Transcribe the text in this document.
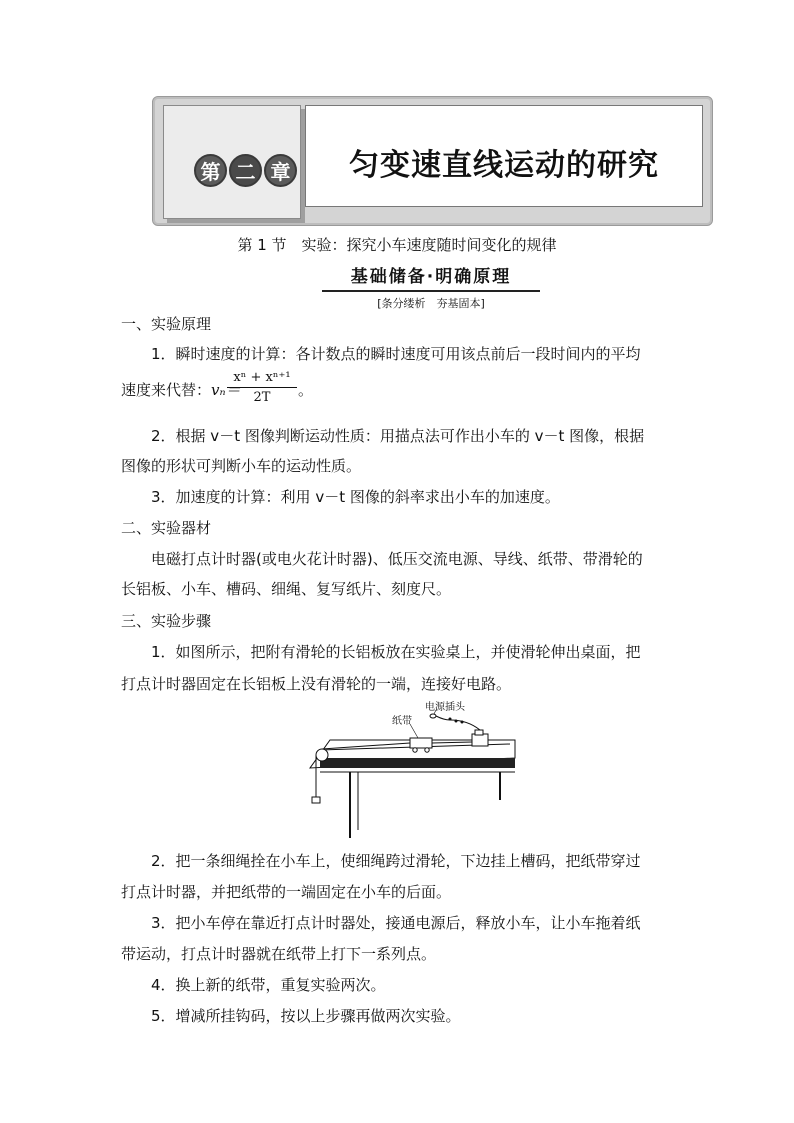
第 二 章	匀变速直线运动的研究
第 1 节　实验：探究小车速度随时间变化的规律
基础储备·明确原理
[条分缕析　夯基固本]
一、实验原理
1．瞬时速度的计算：各计数点的瞬时速度可用该点前后一段时间内的平均
速度来代替：vₙ＝
$\frac{\text{xⁿ + xⁿ⁺¹}}{2T}$ 。
2．根据 v－t 图像判断运动性质：用描点法可作出小车的 v－t 图像，根据
图像的形状可判断小车的运动性质。
3．加速度的计算：利用 v－t 图像的斜率求出小车的加速度。
二、实验器材
电磁打点计时器(或电火花计时器)、低压交流电源、导线、纸带、带滑轮的
长铝板、小车、槽码、细绳、复写纸片、刻度尺。
三、实验步骤
1．如图所示，把附有滑轮的长铝板放在实验桌上，并使滑轮伸出桌面，把
打点计时器固定在长铝板上没有滑轮的一端，连接好电路。
纸带
电源插头
2．把一条细绳拴在小车上，使细绳跨过滑轮，下边挂上槽码，把纸带穿过
打点计时器，并把纸带的一端固定在小车的后面。
3．把小车停在靠近打点计时器处，接通电源后，释放小车，让小车拖着纸
带运动，打点计时器就在纸带上打下一系列点。
4．换上新的纸带，重复实验两次。
5．增减所挂钩码，按以上步骤再做两次实验。
